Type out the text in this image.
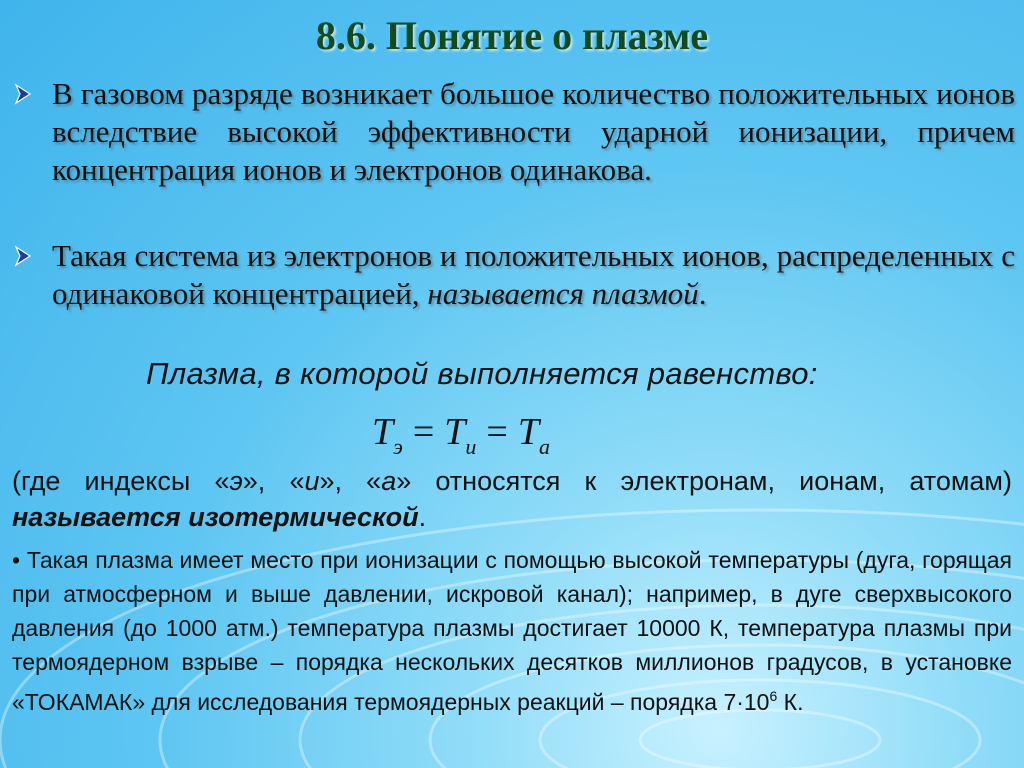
8.6. Понятие о плазме
В газовом разряде возникает большое количество положительных ионов вследствие высокой эффективности ударной ионизации, причем концентрация ионов и электронов одинакова.
Такая система из электронов и положительных ионов, распределенных с одинаковой концентрацией, называется плазмой.
Плазма, в которой выполняется равенство:
$T_э = T_и = T_а$
(где индексы «э», «и», «а» относятся к электронам, ионам, атомам) называется изотермической.
• Такая плазма имеет место при ионизации с помощью высокой температуры (дуга, горящая при атмосферном и выше давлении, искровой канал); например, в дуге сверхвысокого давления (до 1000 атм.) температура плазмы достигает 10000 К, температура плазмы при термоядерном взрыве – порядка нескольких десятков миллионов градусов, в установке «ТОКАМАК» для исследования термоядерных реакций – порядка $7\cdot 10^6$ К.
